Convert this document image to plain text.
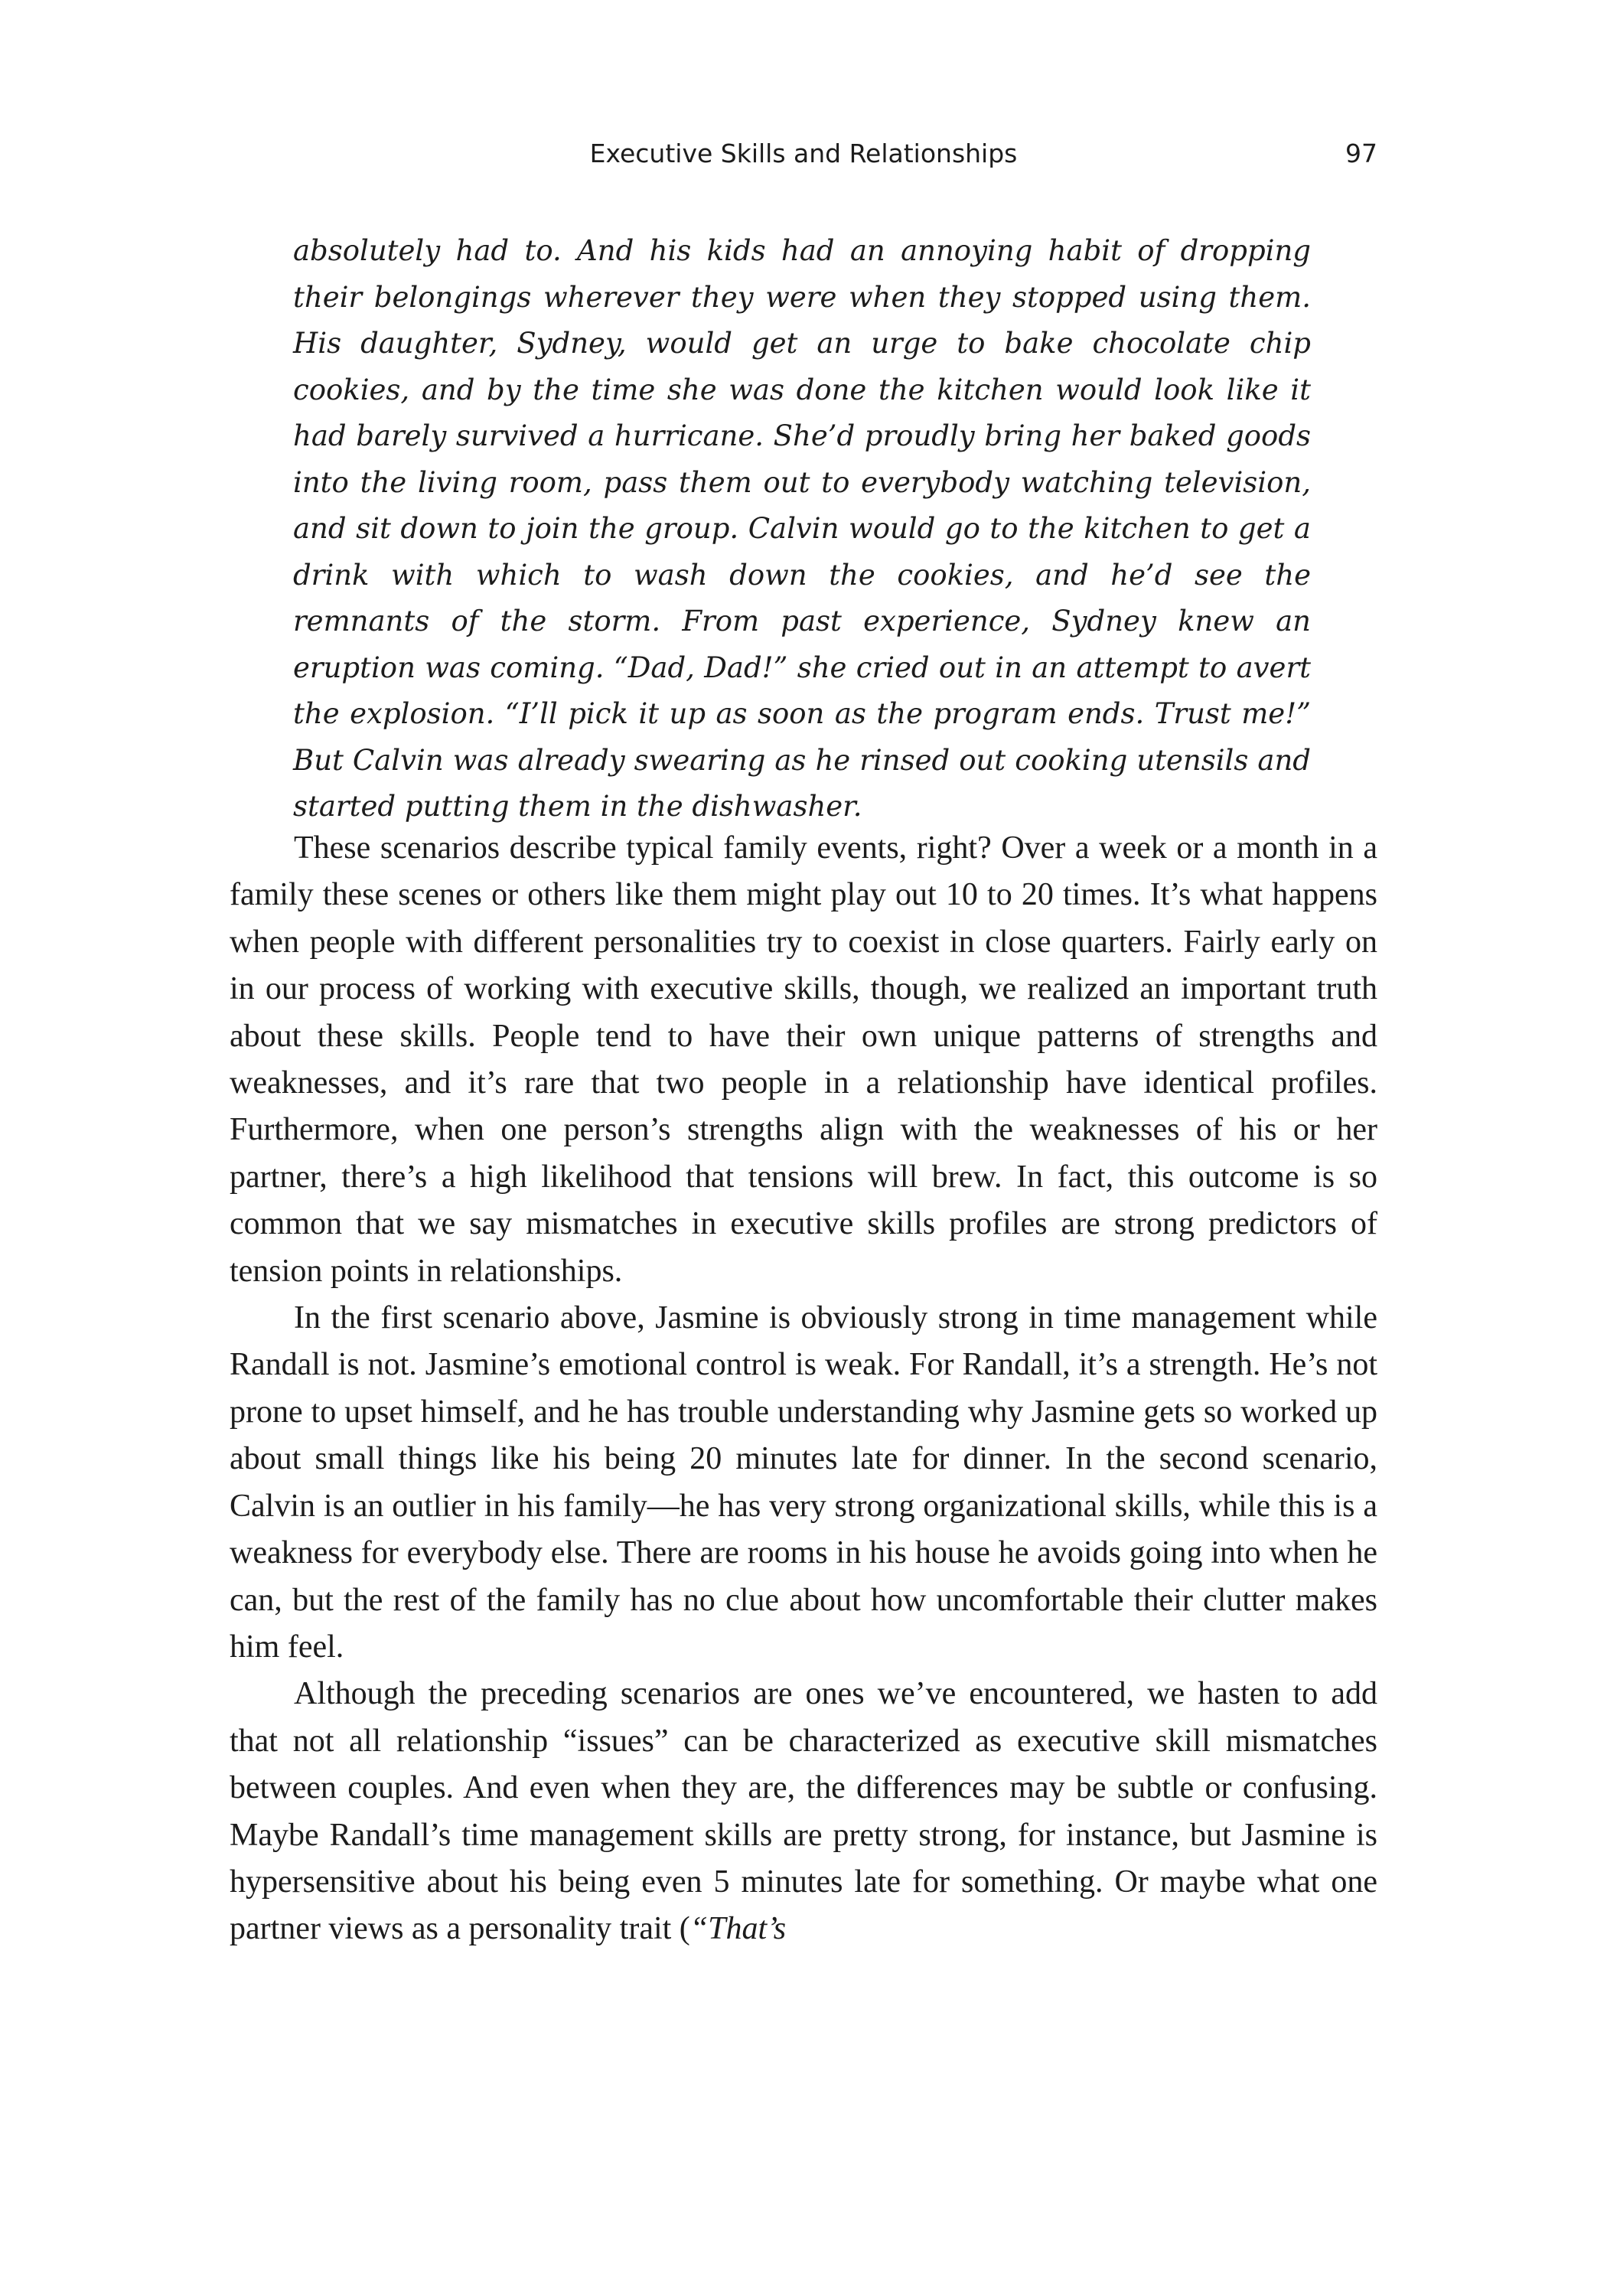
Executive Skills and Relationships	97

absolutely had to. And his kids had an annoying habit of dropping their belongings wherever they were when they stopped using them. His daughter, Sydney, would get an urge to bake chocolate chip cookies, and by the time she was done the kitchen would look like it had barely survived a hurricane. She’d proudly bring her baked goods into the living room, pass them out to everybody watching television, and sit down to join the group. Calvin would go to the kitchen to get a drink with which to wash down the cookies, and he’d see the remnants of the storm. From past experience, Sydney knew an eruption was coming. “Dad, Dad!” she cried out in an attempt to avert the explosion. “I’ll pick it up as soon as the program ends. Trust me!” But Calvin was already swearing as he rinsed out cooking utensils and started putting them in the dishwasher.

These scenarios describe typical family events, right? Over a week or a month in a family these scenes or others like them might play out 10 to 20 times. It’s what happens when people with different personalities try to coexist in close quarters. Fairly early on in our process of working with executive skills, though, we realized an important truth about these skills. People tend to have their own unique patterns of strengths and weaknesses, and it’s rare that two people in a relationship have identical profiles. Furthermore, when one person’s strengths align with the weaknesses of his or her partner, there’s a high likelihood that tensions will brew. In fact, this outcome is so common that we say mismatches in executive skills profiles are strong predictors of tension points in relationships.

In the first scenario above, Jasmine is obviously strong in time management while Randall is not. Jasmine’s emotional control is weak. For Randall, it’s a strength. He’s not prone to upset himself, and he has trouble understanding why Jasmine gets so worked up about small things like his being 20 minutes late for dinner. In the second scenario, Calvin is an outlier in his family—he has very strong organizational skills, while this is a weakness for everybody else. There are rooms in his house he avoids going into when he can, but the rest of the family has no clue about how uncomfortable their clutter makes him feel.

Although the preceding scenarios are ones we’ve encountered, we hasten to add that not all relationship “issues” can be characterized as executive skill mismatches between couples. And even when they are, the differences may be subtle or confusing. Maybe Randall’s time management skills are pretty strong, for instance, but Jasmine is hypersensitive about his being even 5 minutes late for something. Or maybe what one partner views as a personality trait (“That’s
